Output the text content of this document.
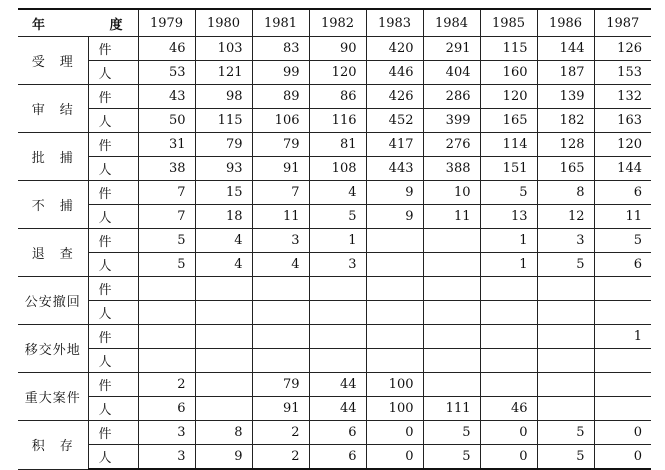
年 度		1979	1980	1981	1982	1983	1984	1985	1986	1987
受　理	件	46	103	83	90	420	291	115	144	126
	人	53	121	99	120	446	404	160	187	153
审　结	件	43	98	89	86	426	286	120	139	132
	人	50	115	106	116	452	399	165	182	163
批　捕	件	31	79	79	81	417	276	114	128	120
	人	38	93	91	108	443	388	151	165	144
不　捕	件	7	15	7	4	9	10	5	8	6
	人	7	18	11	5	9	11	13	12	11
退　查	件	5	4	3	1			1	3	5
	人	5	4	4	3			1	5	6
公安撤回	件									
	人									
移交外地	件									1
	人									
重大案件	件	2		79	44	100				
	人	6		91	44	100	111	46		
积　存	件	3	8	2	6	0	5	0	5	0
	人	3	9	2	6	0	5	0	5	0
